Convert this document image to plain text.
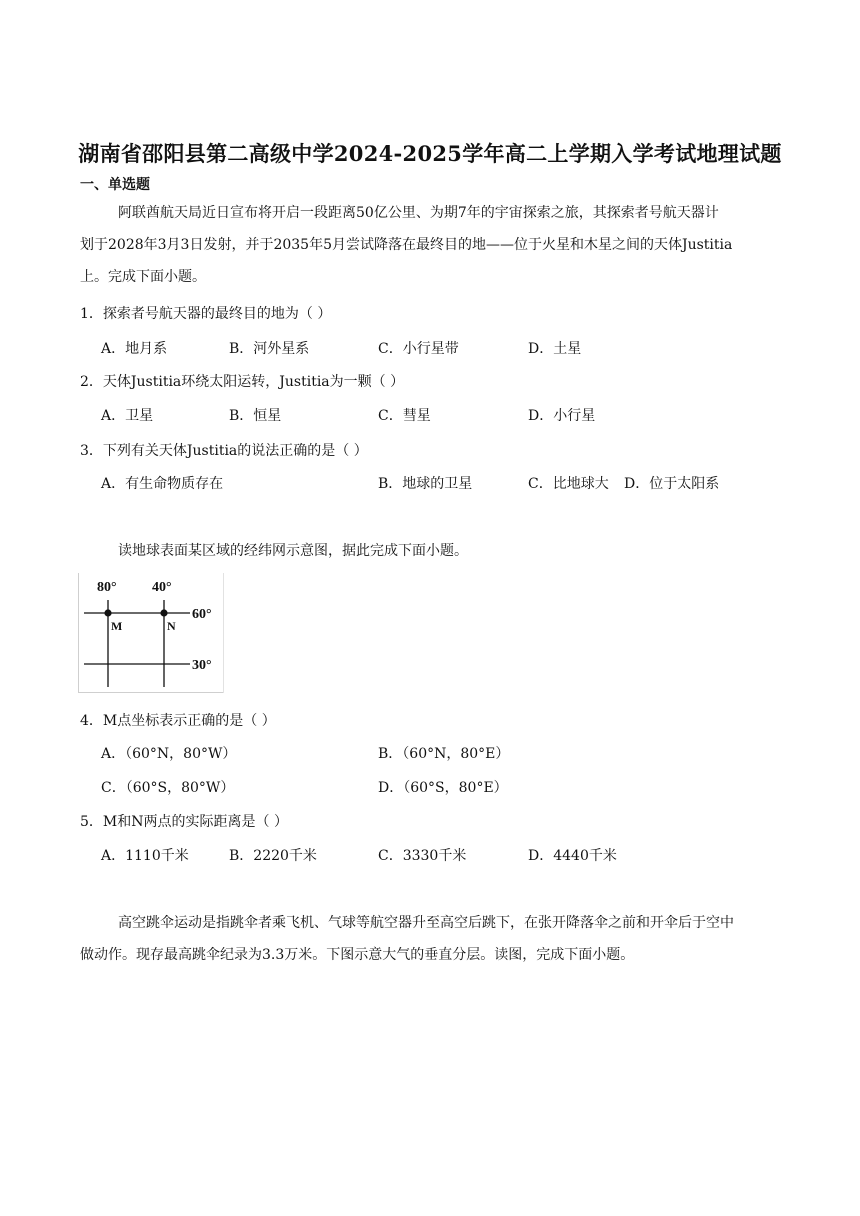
湖南省邵阳县第二高级中学2024-2025学年高二上学期入学考试地理试题
一、单选题
阿联酋航天局近日宣布将开启一段距离50亿公里、为期7年的宇宙探索之旅，其探索者号航天器计
划于2028年3月3日发射，并于2035年5月尝试降落在最终目的地——位于火星和木星之间的天体Justitia
上。完成下面小题。
1．探索者号航天器的最终目的地为（ ）
A．地月系	B．河外星系	C．小行星带	D．土星
2．天体Justitia环绕太阳运转，Justitia为一颗（ ）
A．卫星	B．恒星	C．彗星	D．小行星
3．下列有关天体Justitia的说法正确的是（ ）
A．有生命物质存在	B．地球的卫星	C．比地球大 D．位于太阳系
读地球表面某区域的经纬网示意图，据此完成下面小题。
80°	40°
60°
30°
M	N
4．M点坐标表示正确的是（ ）
A．（60°N，80°W）	B．（60°N，80°E）
C．（60°S，80°W）	D．（60°S，80°E）
5．M和N两点的实际距离是（ ）
A．1110千米	B．2220千米	C．3330千米	D．4440千米
高空跳伞运动是指跳伞者乘飞机、气球等航空器升至高空后跳下，在张开降落伞之前和开伞后于空中
做动作。现存最高跳伞纪录为3.3万米。下图示意大气的垂直分层。读图，完成下面小题。
